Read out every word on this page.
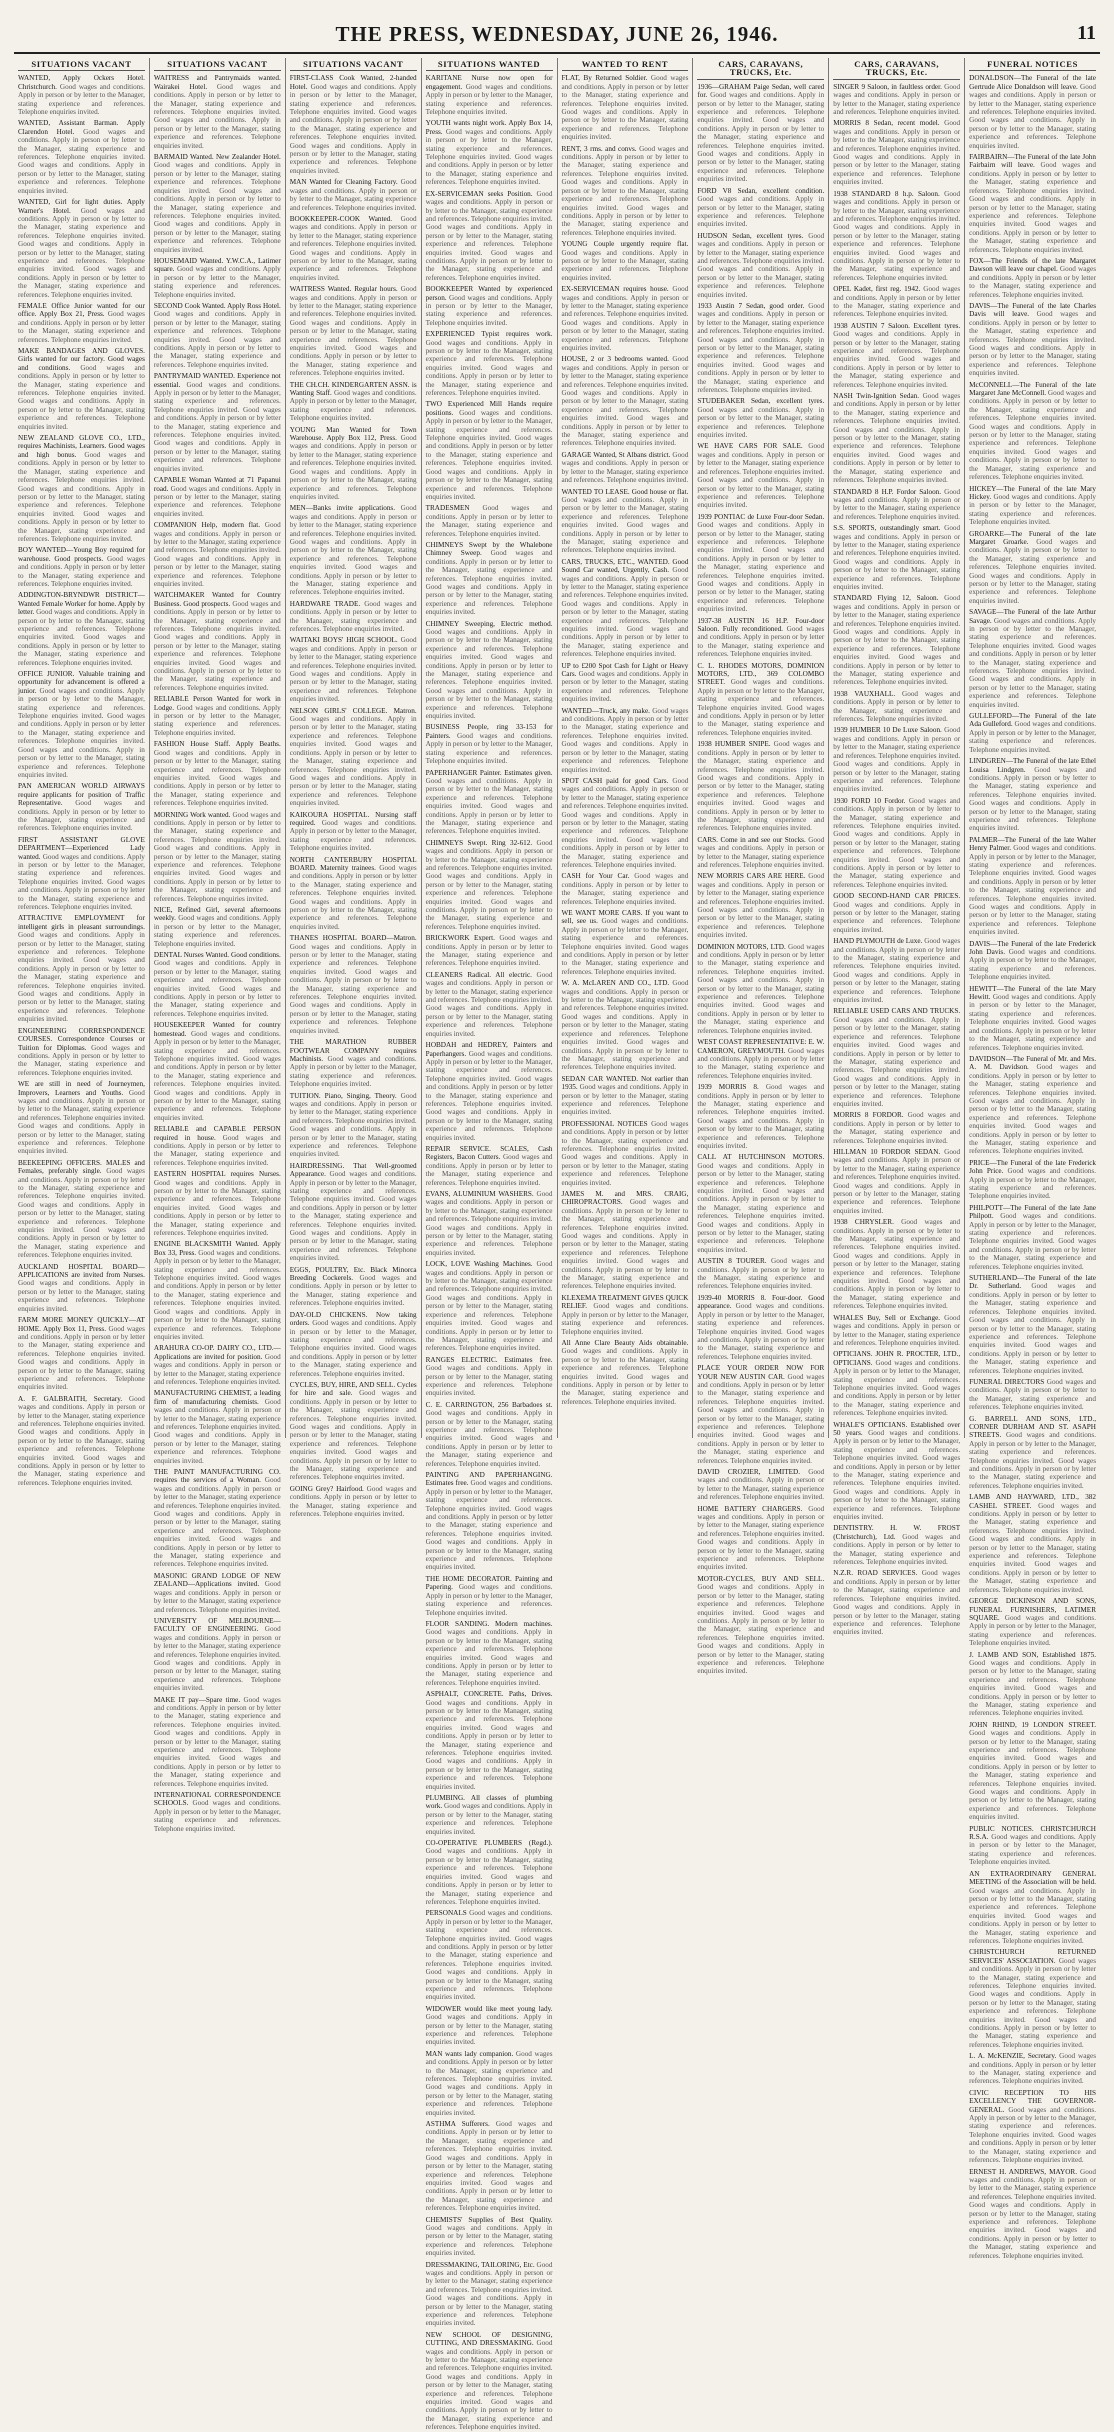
THE PRESS, WEDNESDAY, JUNE 26, 1946.	11
SITUATIONS VACANT

WANTED, Apply Ockers Hotel. Christchurch. Good wages and conditions. Apply in person or by letter to the Manager, stating experience and references. Telephone enquiries invited.

WANTED, Assistant Barman. Apply Clarendon Hotel. Good wages and conditions. Apply in person or by letter to the Manager, stating experience and references. Telephone enquiries invited. Good wages and conditions. Apply in person or by letter to the Manager, stating experience and references. Telephone enquiries invited.

WANTED, Girl for light duties. Apply Warner's Hotel. Good wages and conditions. Apply in person or by letter to the Manager, stating experience and references. Telephone enquiries invited. Good wages and conditions. Apply in person or by letter to the Manager, stating experience and references. Telephone enquiries invited. Good wages and conditions. Apply in person or by letter to the Manager, stating experience and references. Telephone enquiries invited.

FEMALE Office Junior wanted for our office. Apply Box 21, Press. Good wages and conditions. Apply in person or by letter to the Manager, stating experience and references. Telephone enquiries invited.

MAKE BANDAGES AND GLOVES. Girls wanted for our factory. Good wages and conditions. Good wages and conditions. Apply in person or by letter to the Manager, stating experience and references. Telephone enquiries invited. Good wages and conditions. Apply in person or by letter to the Manager, stating experience and references. Telephone enquiries invited.

NEW ZEALAND GLOVE CO., LTD., requires Machinists, Learners. Good wages and high bonus. Good wages and conditions. Apply in person or by letter to the Manager, stating experience and references. Telephone enquiries invited. Good wages and conditions. Apply in person or by letter to the Manager, stating experience and references. Telephone enquiries invited. Good wages and conditions. Apply in person or by letter to the Manager, stating experience and references. Telephone enquiries invited.

BOY WANTED—Young Boy required for warehouse. Good prospects. Good wages and conditions. Apply in person or by letter to the Manager, stating experience and references. Telephone enquiries invited.

ADDINGTON-BRYNDWR DISTRICT— Wanted Female Worker for home. Apply by letter. Good wages and conditions. Apply in person or by letter to the Manager, stating experience and references. Telephone enquiries invited. Good wages and conditions. Apply in person or by letter to the Manager, stating experience and references. Telephone enquiries invited.

OFFICE JUNIOR. Valuable training and opportunity for advancement is offered a junior. Good wages and conditions. Apply in person or by letter to the Manager, stating experience and references. Telephone enquiries invited. Good wages and conditions. Apply in person or by letter to the Manager, stating experience and references. Telephone enquiries invited. Good wages and conditions. Apply in person or by letter to the Manager, stating experience and references. Telephone enquiries invited.

PAN AMERICAN WORLD AIRWAYS require applicants for position of Traffic Representative. Good wages and conditions. Apply in person or by letter to the Manager, stating experience and references. Telephone enquiries invited.

FIRST ASSISTANT GLOVE DEPARTMENT—Experienced Lady wanted. Good wages and conditions. Apply in person or by letter to the Manager, stating experience and references. Telephone enquiries invited. Good wages and conditions. Apply in person or by letter to the Manager, stating experience and references. Telephone enquiries invited.

ATTRACTIVE EMPLOYMENT for intelligent girls in pleasant surroundings. Good wages and conditions. Apply in person or by letter to the Manager, stating experience and references. Telephone enquiries invited. Good wages and conditions. Apply in person or by letter to the Manager, stating experience and references. Telephone enquiries invited. Good wages and conditions. Apply in person or by letter to the Manager, stating experience and references. Telephone enquiries invited.

ENGINEERING CORRESPONDENCE COURSES. Correspondence Courses or Tuition for Diplomas. Good wages and conditions. Apply in person or by letter to the Manager, stating experience and references. Telephone enquiries invited.

WE are still in need of Journeymen, Improvers, Learners and Youths. Good wages and conditions. Apply in person or by letter to the Manager, stating experience and references. Telephone enquiries invited. Good wages and conditions. Apply in person or by letter to the Manager, stating experience and references. Telephone enquiries invited.

BEEKEEPING OFFICERS. MALES and Females, preferably single. Good wages and conditions. Apply in person or by letter to the Manager, stating experience and references. Telephone enquiries invited. Good wages and conditions. Apply in person or by letter to the Manager, stating experience and references. Telephone enquiries invited. Good wages and conditions. Apply in person or by letter to the Manager, stating experience and references. Telephone enquiries invited.

AUCKLAND HOSPITAL BOARD—APPLICATIONS are invited from Nurses. Good wages and conditions. Apply in person or by letter to the Manager, stating experience and references. Telephone enquiries invited.

FARM MORE MONEY QUICKLY—AT HOME. Apply Box 11, Press. Good wages and conditions. Apply in person or by letter to the Manager, stating experience and references. Telephone enquiries invited. Good wages and conditions. Apply in person or by letter to the Manager, stating experience and references. Telephone enquiries invited.

A. F. GALBRAITH, Secretary. Good wages and conditions. Apply in person or by letter to the Manager, stating experience and references. Telephone enquiries invited. Good wages and conditions. Apply in person or by letter to the Manager, stating experience and references. Telephone enquiries invited. Good wages and conditions. Apply in person or by letter to the Manager, stating experience and references. Telephone enquiries invited.

SITUATIONS VACANT

WAITRESS and Pantrymaids wanted. Wairakei Hotel. Good wages and conditions. Apply in person or by letter to the Manager, stating experience and references. Telephone enquiries invited. Good wages and conditions. Apply in person or by letter to the Manager, stating experience and references. Telephone enquiries invited.

BARMAID Wanted. New Zealander Hotel. Good wages and conditions. Apply in person or by letter to the Manager, stating experience and references. Telephone enquiries invited. Good wages and conditions. Apply in person or by letter to the Manager, stating experience and references. Telephone enquiries invited. Good wages and conditions. Apply in person or by letter to the Manager, stating experience and references. Telephone enquiries invited.

HOUSEMAID Wanted. Y.W.C.A., Latimer square. Good wages and conditions. Apply in person or by letter to the Manager, stating experience and references. Telephone enquiries invited.

SECOND Cook Wanted. Apply Ross Hotel. Good wages and conditions. Apply in person or by letter to the Manager, stating experience and references. Telephone enquiries invited. Good wages and conditions. Apply in person or by letter to the Manager, stating experience and references. Telephone enquiries invited.

PANTRYMAID WANTED. Experience not essential. Good wages and conditions. Apply in person or by letter to the Manager, stating experience and references. Telephone enquiries invited. Good wages and conditions. Apply in person or by letter to the Manager, stating experience and references. Telephone enquiries invited. Good wages and conditions. Apply in person or by letter to the Manager, stating experience and references. Telephone enquiries invited.

CAPABLE Woman Wanted at 71 Papanui road. Good wages and conditions. Apply in person or by letter to the Manager, stating experience and references. Telephone enquiries invited.

COMPANION Help, modern flat. Good wages and conditions. Apply in person or by letter to the Manager, stating experience and references. Telephone enquiries invited. Good wages and conditions. Apply in person or by letter to the Manager, stating experience and references. Telephone enquiries invited.

WATCHMAKER Wanted for Country Business. Good prospects. Good wages and conditions. Apply in person or by letter to the Manager, stating experience and references. Telephone enquiries invited. Good wages and conditions. Apply in person or by letter to the Manager, stating experience and references. Telephone enquiries invited. Good wages and conditions. Apply in person or by letter to the Manager, stating experience and references. Telephone enquiries invited.

RELIABLE Person Wanted for work in Lodge. Good wages and conditions. Apply in person or by letter to the Manager, stating experience and references. Telephone enquiries invited.

FASHION House Staff. Apply Beaths. Good wages and conditions. Apply in person or by letter to the Manager, stating experience and references. Telephone enquiries invited. Good wages and conditions. Apply in person or by letter to the Manager, stating experience and references. Telephone enquiries invited.

MORNING Work wanted. Good wages and conditions. Apply in person or by letter to the Manager, stating experience and references. Telephone enquiries invited. Good wages and conditions. Apply in person or by letter to the Manager, stating experience and references. Telephone enquiries invited. Good wages and conditions. Apply in person or by letter to the Manager, stating experience and references. Telephone enquiries invited.

NICE, Refined Girl, several afternoons weekly. Good wages and conditions. Apply in person or by letter to the Manager, stating experience and references. Telephone enquiries invited.

DENTAL Nurses Wanted. Good conditions. Good wages and conditions. Apply in person or by letter to the Manager, stating experience and references. Telephone enquiries invited. Good wages and conditions. Apply in person or by letter to the Manager, stating experience and references. Telephone enquiries invited.

HOUSEKEEPER Wanted for country homestead. Good wages and conditions. Apply in person or by letter to the Manager, stating experience and references. Telephone enquiries invited. Good wages and conditions. Apply in person or by letter to the Manager, stating experience and references. Telephone enquiries invited. Good wages and conditions. Apply in person or by letter to the Manager, stating experience and references. Telephone enquiries invited.

RELIABLE and CAPABLE PERSON required in house. Good wages and conditions. Apply in person or by letter to the Manager, stating experience and references. Telephone enquiries invited.

EASTERN HOSPITAL requires Nurses. Good wages and conditions. Apply in person or by letter to the Manager, stating experience and references. Telephone enquiries invited. Good wages and conditions. Apply in person or by letter to the Manager, stating experience and references. Telephone enquiries invited.

ENGINE BLACKSMITH Wanted. Apply Box 33, Press. Good wages and conditions. Apply in person or by letter to the Manager, stating experience and references. Telephone enquiries invited. Good wages and conditions. Apply in person or by letter to the Manager, stating experience and references. Telephone enquiries invited. Good wages and conditions. Apply in person or by letter to the Manager, stating experience and references. Telephone enquiries invited.

ARAHURA CO-OP. DAIRY CO., LTD.—Applications are invited for position. Good wages and conditions. Apply in person or by letter to the Manager, stating experience and references. Telephone enquiries invited.

MANUFACTURING CHEMIST, a leading firm of manufacturing chemists. Good wages and conditions. Apply in person or by letter to the Manager, stating experience and references. Telephone enquiries invited. Good wages and conditions. Apply in person or by letter to the Manager, stating experience and references. Telephone enquiries invited.

THE PAINT MANUFACTURING CO. requires the services of a Woman. Good wages and conditions. Apply in person or by letter to the Manager, stating experience and references. Telephone enquiries invited. Good wages and conditions. Apply in person or by letter to the Manager, stating experience and references. Telephone enquiries invited. Good wages and conditions. Apply in person or by letter to the Manager, stating experience and references. Telephone enquiries invited.

MASONIC GRAND LODGE OF NEW ZEALAND—Applications invited. Good wages and conditions. Apply in person or by letter to the Manager, stating experience and references. Telephone enquiries invited.

UNIVERSITY OF MELBOURNE—FACULTY OF ENGINEERING. Good wages and conditions. Apply in person or by letter to the Manager, stating experience and references. Telephone enquiries invited. Good wages and conditions. Apply in person or by letter to the Manager, stating experience and references. Telephone enquiries invited.

MAKE IT pay—Spare time. Good wages and conditions. Apply in person or by letter to the Manager, stating experience and references. Telephone enquiries invited. Good wages and conditions. Apply in person or by letter to the Manager, stating experience and references. Telephone enquiries invited. Good wages and conditions. Apply in person or by letter to the Manager, stating experience and references. Telephone enquiries invited.

INTERNATIONAL CORRESPONDENCE SCHOOLS. Good wages and conditions. Apply in person or by letter to the Manager, stating experience and references. Telephone enquiries invited.

SITUATIONS VACANT

FIRST-CLASS Cook Wanted, 2-handed Hotel. Good wages and conditions. Apply in person or by letter to the Manager, stating experience and references. Telephone enquiries invited. Good wages and conditions. Apply in person or by letter to the Manager, stating experience and references. Telephone enquiries invited. Good wages and conditions. Apply in person or by letter to the Manager, stating experience and references. Telephone enquiries invited.

MAN Wanted for Cleaning Factory. Good wages and conditions. Apply in person or by letter to the Manager, stating experience and references. Telephone enquiries invited.

BOOKKEEPER-COOK Wanted. Good wages and conditions. Apply in person or by letter to the Manager, stating experience and references. Telephone enquiries invited. Good wages and conditions. Apply in person or by letter to the Manager, stating experience and references. Telephone enquiries invited.

WAITRESS Wanted. Regular hours. Good wages and conditions. Apply in person or by letter to the Manager, stating experience and references. Telephone enquiries invited. Good wages and conditions. Apply in person or by letter to the Manager, stating experience and references. Telephone enquiries invited. Good wages and conditions. Apply in person or by letter to the Manager, stating experience and references. Telephone enquiries invited.

THE CH.CH. KINDERGARTEN ASSN. is Wanting Staff. Good wages and conditions. Apply in person or by letter to the Manager, stating experience and references. Telephone enquiries invited.

YOUNG Man Wanted for Town Warehouse. Apply Box 112, Press. Good wages and conditions. Apply in person or by letter to the Manager, stating experience and references. Telephone enquiries invited. Good wages and conditions. Apply in person or by letter to the Manager, stating experience and references. Telephone enquiries invited.

MEN—Banks invite applications. Good wages and conditions. Apply in person or by letter to the Manager, stating experience and references. Telephone enquiries invited. Good wages and conditions. Apply in person or by letter to the Manager, stating experience and references. Telephone enquiries invited. Good wages and conditions. Apply in person or by letter to the Manager, stating experience and references. Telephone enquiries invited.

HARDWARE TRADE. Good wages and conditions. Apply in person or by letter to the Manager, stating experience and references. Telephone enquiries invited.

WAITAKI BOYS' HIGH SCHOOL. Good wages and conditions. Apply in person or by letter to the Manager, stating experience and references. Telephone enquiries invited. Good wages and conditions. Apply in person or by letter to the Manager, stating experience and references. Telephone enquiries invited.

NELSON GIRLS' COLLEGE. Matron. Good wages and conditions. Apply in person or by letter to the Manager, stating experience and references. Telephone enquiries invited. Good wages and conditions. Apply in person or by letter to the Manager, stating experience and references. Telephone enquiries invited. Good wages and conditions. Apply in person or by letter to the Manager, stating experience and references. Telephone enquiries invited.

KAIKOURA HOSPITAL. Nursing staff required. Good wages and conditions. Apply in person or by letter to the Manager, stating experience and references. Telephone enquiries invited.

NORTH CANTERBURY HOSPITAL BOARD. Maternity trainees. Good wages and conditions. Apply in person or by letter to the Manager, stating experience and references. Telephone enquiries invited. Good wages and conditions. Apply in person or by letter to the Manager, stating experience and references. Telephone enquiries invited.

THANES HOSPITAL BOARD—Matron. Good wages and conditions. Apply in person or by letter to the Manager, stating experience and references. Telephone enquiries invited. Good wages and conditions. Apply in person or by letter to the Manager, stating experience and references. Telephone enquiries invited. Good wages and conditions. Apply in person or by letter to the Manager, stating experience and references. Telephone enquiries invited.

THE MARATHON RUBBER FOOTWEAR COMPANY requires Machinists. Good wages and conditions. Apply in person or by letter to the Manager, stating experience and references. Telephone enquiries invited.

TUITION. Piano, Singing, Theory. Good wages and conditions. Apply in person or by letter to the Manager, stating experience and references. Telephone enquiries invited. Good wages and conditions. Apply in person or by letter to the Manager, stating experience and references. Telephone enquiries invited.

HAIRDRESSING. That Well-groomed Appearance. Good wages and conditions. Apply in person or by letter to the Manager, stating experience and references. Telephone enquiries invited. Good wages and conditions. Apply in person or by letter to the Manager, stating experience and references. Telephone enquiries invited. Good wages and conditions. Apply in person or by letter to the Manager, stating experience and references. Telephone enquiries invited.

EGGS, POULTRY, Etc. Black Minorca Breeding Cockerels. Good wages and conditions. Apply in person or by letter to the Manager, stating experience and references. Telephone enquiries invited.

DAY-OLD CHICKENS. Now taking orders. Good wages and conditions. Apply in person or by letter to the Manager, stating experience and references. Telephone enquiries invited. Good wages and conditions. Apply in person or by letter to the Manager, stating experience and references. Telephone enquiries invited.

CYCLES, BUY, HIRE, AND SELL. Cycles for hire and sale. Good wages and conditions. Apply in person or by letter to the Manager, stating experience and references. Telephone enquiries invited. Good wages and conditions. Apply in person or by letter to the Manager, stating experience and references. Telephone enquiries invited. Good wages and conditions. Apply in person or by letter to the Manager, stating experience and references. Telephone enquiries invited.

GOING Grey? Hairfood. Good wages and conditions. Apply in person or by letter to the Manager, stating experience and references. Telephone enquiries invited.

SITUATIONS WANTED

KARITANE Nurse now open for engagement. Good wages and conditions. Apply in person or by letter to the Manager, stating experience and references. Telephone enquiries invited.

YOUTH wants night work. Apply Box 14, Press. Good wages and conditions. Apply in person or by letter to the Manager, stating experience and references. Telephone enquiries invited. Good wages and conditions. Apply in person or by letter to the Manager, stating experience and references. Telephone enquiries invited.

EX-SERVICEMAN seeks Position. Good wages and conditions. Apply in person or by letter to the Manager, stating experience and references. Telephone enquiries invited. Good wages and conditions. Apply in person or by letter to the Manager, stating experience and references. Telephone enquiries invited. Good wages and conditions. Apply in person or by letter to the Manager, stating experience and references. Telephone enquiries invited.

BOOKKEEPER Wanted by experienced person. Good wages and conditions. Apply in person or by letter to the Manager, stating experience and references. Telephone enquiries invited.

EXPERIENCED Typist requires work. Good wages and conditions. Apply in person or by letter to the Manager, stating experience and references. Telephone enquiries invited. Good wages and conditions. Apply in person or by letter to the Manager, stating experience and references. Telephone enquiries invited.

TWO Experienced Mill Hands require positions. Good wages and conditions. Apply in person or by letter to the Manager, stating experience and references. Telephone enquiries invited. Good wages and conditions. Apply in person or by letter to the Manager, stating experience and references. Telephone enquiries invited. Good wages and conditions. Apply in person or by letter to the Manager, stating experience and references. Telephone enquiries invited.

TRADESMEN Good wages and conditions. Apply in person or by letter to the Manager, stating experience and references. Telephone enquiries invited.

CHIMNEYS Swept by the Whalebone Chimney Sweep. Good wages and conditions. Apply in person or by letter to the Manager, stating experience and references. Telephone enquiries invited. Good wages and conditions. Apply in person or by letter to the Manager, stating experience and references. Telephone enquiries invited.

CHIMNEY Sweeping, Electric method. Good wages and conditions. Apply in person or by letter to the Manager, stating experience and references. Telephone enquiries invited. Good wages and conditions. Apply in person or by letter to the Manager, stating experience and references. Telephone enquiries invited. Good wages and conditions. Apply in person or by letter to the Manager, stating experience and references. Telephone enquiries invited.

BUSINESS People, ring 33-153 for Painters. Good wages and conditions. Apply in person or by letter to the Manager, stating experience and references. Telephone enquiries invited.

PAPERHANGER Painter. Estimates given. Good wages and conditions. Apply in person or by letter to the Manager, stating experience and references. Telephone enquiries invited. Good wages and conditions. Apply in person or by letter to the Manager, stating experience and references. Telephone enquiries invited.

CHIMNEYS Swept. Ring 32-612. Good wages and conditions. Apply in person or by letter to the Manager, stating experience and references. Telephone enquiries invited. Good wages and conditions. Apply in person or by letter to the Manager, stating experience and references. Telephone enquiries invited. Good wages and conditions. Apply in person or by letter to the Manager, stating experience and references. Telephone enquiries invited.

BRICKWORK Expert. Good wages and conditions. Apply in person or by letter to the Manager, stating experience and references. Telephone enquiries invited.

CLEANERS Radical. All electric. Good wages and conditions. Apply in person or by letter to the Manager, stating experience and references. Telephone enquiries invited. Good wages and conditions. Apply in person or by letter to the Manager, stating experience and references. Telephone enquiries invited.

HOBDAH and HEDREY, Painters and Paperhangers. Good wages and conditions. Apply in person or by letter to the Manager, stating experience and references. Telephone enquiries invited. Good wages and conditions. Apply in person or by letter to the Manager, stating experience and references. Telephone enquiries invited. Good wages and conditions. Apply in person or by letter to the Manager, stating experience and references. Telephone enquiries invited.

REPAIR SERVICE. SCALES, Cash Registers, Bacon Cutters. Good wages and conditions. Apply in person or by letter to the Manager, stating experience and references. Telephone enquiries invited.

EVANS, ALUMINIUM WASHERS. Good wages and conditions. Apply in person or by letter to the Manager, stating experience and references. Telephone enquiries invited. Good wages and conditions. Apply in person or by letter to the Manager, stating experience and references. Telephone enquiries invited.

LOCK, LOVE Washing Machines. Good wages and conditions. Apply in person or by letter to the Manager, stating experience and references. Telephone enquiries invited. Good wages and conditions. Apply in person or by letter to the Manager, stating experience and references. Telephone enquiries invited. Good wages and conditions. Apply in person or by letter to the Manager, stating experience and references. Telephone enquiries invited.

RANGES ELECTRIC. Estimates free. Good wages and conditions. Apply in person or by letter to the Manager, stating experience and references. Telephone enquiries invited.

C. E. CARRINGTON, 256 Barbadoes st. Good wages and conditions. Apply in person or by letter to the Manager, stating experience and references. Telephone enquiries invited. Good wages and conditions. Apply in person or by letter to the Manager, stating experience and references. Telephone enquiries invited.

PAINTING AND PAPERHANGING. Estimates free. Good wages and conditions. Apply in person or by letter to the Manager, stating experience and references. Telephone enquiries invited. Good wages and conditions. Apply in person or by letter to the Manager, stating experience and references. Telephone enquiries invited. Good wages and conditions. Apply in person or by letter to the Manager, stating experience and references. Telephone enquiries invited.

THE HOME DECORATOR. Painting and Papering. Good wages and conditions. Apply in person or by letter to the Manager, stating experience and references. Telephone enquiries invited.

FLOOR SANDING. Modern machines. Good wages and conditions. Apply in person or by letter to the Manager, stating experience and references. Telephone enquiries invited. Good wages and conditions. Apply in person or by letter to the Manager, stating experience and references. Telephone enquiries invited.

ASPHALT, CONCRETE. Paths, Drives. Good wages and conditions. Apply in person or by letter to the Manager, stating experience and references. Telephone enquiries invited. Good wages and conditions. Apply in person or by letter to the Manager, stating experience and references. Telephone enquiries invited. Good wages and conditions. Apply in person or by letter to the Manager, stating experience and references. Telephone enquiries invited.

PLUMBING. All classes of plumbing work. Good wages and conditions. Apply in person or by letter to the Manager, stating experience and references. Telephone enquiries invited.

CO-OPERATIVE PLUMBERS (Regd.). Good wages and conditions. Apply in person or by letter to the Manager, stating experience and references. Telephone enquiries invited. Good wages and conditions. Apply in person or by letter to the Manager, stating experience and references. Telephone enquiries invited.

PERSONALS Good wages and conditions. Apply in person or by letter to the Manager, stating experience and references. Telephone enquiries invited. Good wages and conditions. Apply in person or by letter to the Manager, stating experience and references. Telephone enquiries invited. Good wages and conditions. Apply in person or by letter to the Manager, stating experience and references. Telephone enquiries invited.

WIDOWER would like meet young lady. Good wages and conditions. Apply in person or by letter to the Manager, stating experience and references. Telephone enquiries invited.

MAN wants lady companion. Good wages and conditions. Apply in person or by letter to the Manager, stating experience and references. Telephone enquiries invited. Good wages and conditions. Apply in person or by letter to the Manager, stating experience and references. Telephone enquiries invited.

ASTHMA Sufferers. Good wages and conditions. Apply in person or by letter to the Manager, stating experience and references. Telephone enquiries invited. Good wages and conditions. Apply in person or by letter to the Manager, stating experience and references. Telephone enquiries invited. Good wages and conditions. Apply in person or by letter to the Manager, stating experience and references. Telephone enquiries invited.

CHEMISTS' Supplies of Best Quality. Good wages and conditions. Apply in person or by letter to the Manager, stating experience and references. Telephone enquiries invited.

DRESSMAKING, TAILORING, Etc. Good wages and conditions. Apply in person or by letter to the Manager, stating experience and references. Telephone enquiries invited. Good wages and conditions. Apply in person or by letter to the Manager, stating experience and references. Telephone enquiries invited.

NEW SCHOOL OF DESIGNING, CUTTING, AND DRESSMAKING. Good wages and conditions. Apply in person or by letter to the Manager, stating experience and references. Telephone enquiries invited. Good wages and conditions. Apply in person or by letter to the Manager, stating experience and references. Telephone enquiries invited. Good wages and conditions. Apply in person or by letter to the Manager, stating experience and references. Telephone enquiries invited.

WANTED TO RENT

FLAT, By Returned Soldier. Good wages and conditions. Apply in person or by letter to the Manager, stating experience and references. Telephone enquiries invited. Good wages and conditions. Apply in person or by letter to the Manager, stating experience and references. Telephone enquiries invited.

RENT, 3 rms. and convs. Good wages and conditions. Apply in person or by letter to the Manager, stating experience and references. Telephone enquiries invited. Good wages and conditions. Apply in person or by letter to the Manager, stating experience and references. Telephone enquiries invited. Good wages and conditions. Apply in person or by letter to the Manager, stating experience and references. Telephone enquiries invited.

YOUNG Couple urgently require flat. Good wages and conditions. Apply in person or by letter to the Manager, stating experience and references. Telephone enquiries invited.

EX-SERVICEMAN requires house. Good wages and conditions. Apply in person or by letter to the Manager, stating experience and references. Telephone enquiries invited. Good wages and conditions. Apply in person or by letter to the Manager, stating experience and references. Telephone enquiries invited.

HOUSE, 2 or 3 bedrooms wanted. Good wages and conditions. Apply in person or by letter to the Manager, stating experience and references. Telephone enquiries invited. Good wages and conditions. Apply in person or by letter to the Manager, stating experience and references. Telephone enquiries invited. Good wages and conditions. Apply in person or by letter to the Manager, stating experience and references. Telephone enquiries invited.

GARAGE Wanted, St Albans district. Good wages and conditions. Apply in person or by letter to the Manager, stating experience and references. Telephone enquiries invited.

WANTED TO LEASE. Good house or flat. Good wages and conditions. Apply in person or by letter to the Manager, stating experience and references. Telephone enquiries invited. Good wages and conditions. Apply in person or by letter to the Manager, stating experience and references. Telephone enquiries invited.

CARS, TRUCKS, ETC., WANTED. Good Sound Car wanted, Urgently, Cash. Good wages and conditions. Apply in person or by letter to the Manager, stating experience and references. Telephone enquiries invited. Good wages and conditions. Apply in person or by letter to the Manager, stating experience and references. Telephone enquiries invited. Good wages and conditions. Apply in person or by letter to the Manager, stating experience and references. Telephone enquiries invited.

UP to £200 Spot Cash for Light or Heavy Cars. Good wages and conditions. Apply in person or by letter to the Manager, stating experience and references. Telephone enquiries invited.

WANTED—Truck, any make. Good wages and conditions. Apply in person or by letter to the Manager, stating experience and references. Telephone enquiries invited. Good wages and conditions. Apply in person or by letter to the Manager, stating experience and references. Telephone enquiries invited.

SPOT CASH paid for good Cars. Good wages and conditions. Apply in person or by letter to the Manager, stating experience and references. Telephone enquiries invited. Good wages and conditions. Apply in person or by letter to the Manager, stating experience and references. Telephone enquiries invited. Good wages and conditions. Apply in person or by letter to the Manager, stating experience and references. Telephone enquiries invited.

CASH for Your Car. Good wages and conditions. Apply in person or by letter to the Manager, stating experience and references. Telephone enquiries invited.

WE WANT MORE CARS. If you want to sell, see us. Good wages and conditions. Apply in person or by letter to the Manager, stating experience and references. Telephone enquiries invited. Good wages and conditions. Apply in person or by letter to the Manager, stating experience and references. Telephone enquiries invited.

W. A. McLAREN AND CO., LTD. Good wages and conditions. Apply in person or by letter to the Manager, stating experience and references. Telephone enquiries invited. Good wages and conditions. Apply in person or by letter to the Manager, stating experience and references. Telephone enquiries invited. Good wages and conditions. Apply in person or by letter to the Manager, stating experience and references. Telephone enquiries invited.

SEDAN CAR WANTED. Not earlier than 1935. Good wages and conditions. Apply in person or by letter to the Manager, stating experience and references. Telephone enquiries invited.

PROFESSIONAL NOTICES Good wages and conditions. Apply in person or by letter to the Manager, stating experience and references. Telephone enquiries invited. Good wages and conditions. Apply in person or by letter to the Manager, stating experience and references. Telephone enquiries invited.

JAMES M. and MRS. CRAIG, CHIROPRACTORS. Good wages and conditions. Apply in person or by letter to the Manager, stating experience and references. Telephone enquiries invited. Good wages and conditions. Apply in person or by letter to the Manager, stating experience and references. Telephone enquiries invited. Good wages and conditions. Apply in person or by letter to the Manager, stating experience and references. Telephone enquiries invited.

KLEXEMA TREATMENT GIVES QUICK RELIEF. Good wages and conditions. Apply in person or by letter to the Manager, stating experience and references. Telephone enquiries invited.

All Anne Clare Beauty Aids obtainable. Good wages and conditions. Apply in person or by letter to the Manager, stating experience and references. Telephone enquiries invited. Good wages and conditions. Apply in person or by letter to the Manager, stating experience and references. Telephone enquiries invited.

CARS, CARAVANS, TRUCKS, Etc.

1936—GRAHAM Paige Sedan, well cared for. Good wages and conditions. Apply in person or by letter to the Manager, stating experience and references. Telephone enquiries invited. Good wages and conditions. Apply in person or by letter to the Manager, stating experience and references. Telephone enquiries invited. Good wages and conditions. Apply in person or by letter to the Manager, stating experience and references. Telephone enquiries invited.

FORD V8 Sedan, excellent condition. Good wages and conditions. Apply in person or by letter to the Manager, stating experience and references. Telephone enquiries invited.

HUDSON Sedan, excellent tyres. Good wages and conditions. Apply in person or by letter to the Manager, stating experience and references. Telephone enquiries invited. Good wages and conditions. Apply in person or by letter to the Manager, stating experience and references. Telephone enquiries invited.

1933 Austin 7 Sedan, good order. Good wages and conditions. Apply in person or by letter to the Manager, stating experience and references. Telephone enquiries invited. Good wages and conditions. Apply in person or by letter to the Manager, stating experience and references. Telephone enquiries invited. Good wages and conditions. Apply in person or by letter to the Manager, stating experience and references. Telephone enquiries invited.

STUDEBAKER Sedan, excellent tyres. Good wages and conditions. Apply in person or by letter to the Manager, stating experience and references. Telephone enquiries invited.

WE HAVE CARS FOR SALE. Good wages and conditions. Apply in person or by letter to the Manager, stating experience and references. Telephone enquiries invited. Good wages and conditions. Apply in person or by letter to the Manager, stating experience and references. Telephone enquiries invited.

1939 PONTIAC de Luxe Four-door Sedan. Good wages and conditions. Apply in person or by letter to the Manager, stating experience and references. Telephone enquiries invited. Good wages and conditions. Apply in person or by letter to the Manager, stating experience and references. Telephone enquiries invited. Good wages and conditions. Apply in person or by letter to the Manager, stating experience and references. Telephone enquiries invited.

1937-38 AUSTIN 16 H.P. Four-door Saloon. Fully reconditioned. Good wages and conditions. Apply in person or by letter to the Manager, stating experience and references. Telephone enquiries invited.

C. L. RHODES MOTORS, DOMINION MOTORS, LTD., 369 COLOMBO STREET. Good wages and conditions. Apply in person or by letter to the Manager, stating experience and references. Telephone enquiries invited. Good wages and conditions. Apply in person or by letter to the Manager, stating experience and references. Telephone enquiries invited.

1938 HUMBER SNIPE. Good wages and conditions. Apply in person or by letter to the Manager, stating experience and references. Telephone enquiries invited. Good wages and conditions. Apply in person or by letter to the Manager, stating experience and references. Telephone enquiries invited. Good wages and conditions. Apply in person or by letter to the Manager, stating experience and references. Telephone enquiries invited.

CARS. Come in and see our Stocks. Good wages and conditions. Apply in person or by letter to the Manager, stating experience and references. Telephone enquiries invited.

NEW MORRIS CARS ARE HERE. Good wages and conditions. Apply in person or by letter to the Manager, stating experience and references. Telephone enquiries invited. Good wages and conditions. Apply in person or by letter to the Manager, stating experience and references. Telephone enquiries invited.

DOMINION MOTORS, LTD. Good wages and conditions. Apply in person or by letter to the Manager, stating experience and references. Telephone enquiries invited. Good wages and conditions. Apply in person or by letter to the Manager, stating experience and references. Telephone enquiries invited. Good wages and conditions. Apply in person or by letter to the Manager, stating experience and references. Telephone enquiries invited.

WEST COAST REPRESENTATIVE: E. W. CAMERON, GREYMOUTH. Good wages and conditions. Apply in person or by letter to the Manager, stating experience and references. Telephone enquiries invited.

1939 MORRIS 8. Good wages and conditions. Apply in person or by letter to the Manager, stating experience and references. Telephone enquiries invited. Good wages and conditions. Apply in person or by letter to the Manager, stating experience and references. Telephone enquiries invited.

CALL AT HUTCHINSON MOTORS. Good wages and conditions. Apply in person or by letter to the Manager, stating experience and references. Telephone enquiries invited. Good wages and conditions. Apply in person or by letter to the Manager, stating experience and references. Telephone enquiries invited. Good wages and conditions. Apply in person or by letter to the Manager, stating experience and references. Telephone enquiries invited.

AUSTIN 8 TOURER. Good wages and conditions. Apply in person or by letter to the Manager, stating experience and references. Telephone enquiries invited.

1939-40 MORRIS 8. Four-door. Good appearance. Good wages and conditions. Apply in person or by letter to the Manager, stating experience and references. Telephone enquiries invited. Good wages and conditions. Apply in person or by letter to the Manager, stating experience and references. Telephone enquiries invited.

PLACE YOUR ORDER NOW FOR YOUR NEW AUSTIN CAR. Good wages and conditions. Apply in person or by letter to the Manager, stating experience and references. Telephone enquiries invited. Good wages and conditions. Apply in person or by letter to the Manager, stating experience and references. Telephone enquiries invited. Good wages and conditions. Apply in person or by letter to the Manager, stating experience and references. Telephone enquiries invited.

DAVID CROZIER, LIMITED. Good wages and conditions. Apply in person or by letter to the Manager, stating experience and references. Telephone enquiries invited.

HOME BATTERY CHARGERS. Good wages and conditions. Apply in person or by letter to the Manager, stating experience and references. Telephone enquiries invited. Good wages and conditions. Apply in person or by letter to the Manager, stating experience and references. Telephone enquiries invited.

MOTOR-CYCLES, BUY AND SELL. Good wages and conditions. Apply in person or by letter to the Manager, stating experience and references. Telephone enquiries invited. Good wages and conditions. Apply in person or by letter to the Manager, stating experience and references. Telephone enquiries invited. Good wages and conditions. Apply in person or by letter to the Manager, stating experience and references. Telephone enquiries invited.

CARS, CARAVANS, TRUCKS, Etc.

SINGER 9 Saloon, in faultless order. Good wages and conditions. Apply in person or by letter to the Manager, stating experience and references. Telephone enquiries invited.

MORRIS 8 Sedan, recent model. Good wages and conditions. Apply in person or by letter to the Manager, stating experience and references. Telephone enquiries invited. Good wages and conditions. Apply in person or by letter to the Manager, stating experience and references. Telephone enquiries invited.

1938 STANDARD 8 h.p. Saloon. Good wages and conditions. Apply in person or by letter to the Manager, stating experience and references. Telephone enquiries invited. Good wages and conditions. Apply in person or by letter to the Manager, stating experience and references. Telephone enquiries invited. Good wages and conditions. Apply in person or by letter to the Manager, stating experience and references. Telephone enquiries invited.

OPEL Kadet, first reg. 1942. Good wages and conditions. Apply in person or by letter to the Manager, stating experience and references. Telephone enquiries invited.

1938 AUSTIN 7 Saloon. Excellent tyres. Good wages and conditions. Apply in person or by letter to the Manager, stating experience and references. Telephone enquiries invited. Good wages and conditions. Apply in person or by letter to the Manager, stating experience and references. Telephone enquiries invited.

NASH Twin-Ignition Sedan. Good wages and conditions. Apply in person or by letter to the Manager, stating experience and references. Telephone enquiries invited. Good wages and conditions. Apply in person or by letter to the Manager, stating experience and references. Telephone enquiries invited. Good wages and conditions. Apply in person or by letter to the Manager, stating experience and references. Telephone enquiries invited.

STANDARD 8 H.P. Fordor Saloon. Good wages and conditions. Apply in person or by letter to the Manager, stating experience and references. Telephone enquiries invited.

S.S. SPORTS, outstandingly smart. Good wages and conditions. Apply in person or by letter to the Manager, stating experience and references. Telephone enquiries invited. Good wages and conditions. Apply in person or by letter to the Manager, stating experience and references. Telephone enquiries invited.

STANDARD Flying 12, Saloon. Good wages and conditions. Apply in person or by letter to the Manager, stating experience and references. Telephone enquiries invited. Good wages and conditions. Apply in person or by letter to the Manager, stating experience and references. Telephone enquiries invited. Good wages and conditions. Apply in person or by letter to the Manager, stating experience and references. Telephone enquiries invited.

1938 VAUXHALL. Good wages and conditions. Apply in person or by letter to the Manager, stating experience and references. Telephone enquiries invited.

1939 HUMBER 10 De Luxe Saloon. Good wages and conditions. Apply in person or by letter to the Manager, stating experience and references. Telephone enquiries invited. Good wages and conditions. Apply in person or by letter to the Manager, stating experience and references. Telephone enquiries invited.

1930 FORD 10 Fordor. Good wages and conditions. Apply in person or by letter to the Manager, stating experience and references. Telephone enquiries invited. Good wages and conditions. Apply in person or by letter to the Manager, stating experience and references. Telephone enquiries invited. Good wages and conditions. Apply in person or by letter to the Manager, stating experience and references. Telephone enquiries invited.

GOOD SECOND-HAND CAR PRICES. Good wages and conditions. Apply in person or by letter to the Manager, stating experience and references. Telephone enquiries invited.

HAND PLYMOUTH de Luxe. Good wages and conditions. Apply in person or by letter to the Manager, stating experience and references. Telephone enquiries invited. Good wages and conditions. Apply in person or by letter to the Manager, stating experience and references. Telephone enquiries invited.

RELIABLE USED CARS AND TRUCKS. Good wages and conditions. Apply in person or by letter to the Manager, stating experience and references. Telephone enquiries invited. Good wages and conditions. Apply in person or by letter to the Manager, stating experience and references. Telephone enquiries invited. Good wages and conditions. Apply in person or by letter to the Manager, stating experience and references. Telephone enquiries invited.

MORRIS 8 FORDOR. Good wages and conditions. Apply in person or by letter to the Manager, stating experience and references. Telephone enquiries invited.

HILLMAN 10 FORDOR SEDAN. Good wages and conditions. Apply in person or by letter to the Manager, stating experience and references. Telephone enquiries invited. Good wages and conditions. Apply in person or by letter to the Manager, stating experience and references. Telephone enquiries invited.

1938 CHRYSLER. Good wages and conditions. Apply in person or by letter to the Manager, stating experience and references. Telephone enquiries invited. Good wages and conditions. Apply in person or by letter to the Manager, stating experience and references. Telephone enquiries invited. Good wages and conditions. Apply in person or by letter to the Manager, stating experience and references. Telephone enquiries invited.

WHALES Buy, Sell or Exchange. Good wages and conditions. Apply in person or by letter to the Manager, stating experience and references. Telephone enquiries invited.

OPTICIANS. JOHN R. PROCTER, LTD., OPTICIANS. Good wages and conditions. Apply in person or by letter to the Manager, stating experience and references. Telephone enquiries invited. Good wages and conditions. Apply in person or by letter to the Manager, stating experience and references. Telephone enquiries invited.

WHALE'S OPTICIANS. Established over 50 years. Good wages and conditions. Apply in person or by letter to the Manager, stating experience and references. Telephone enquiries invited. Good wages and conditions. Apply in person or by letter to the Manager, stating experience and references. Telephone enquiries invited. Good wages and conditions. Apply in person or by letter to the Manager, stating experience and references. Telephone enquiries invited.

DENTISTRY. H. W. FROST (Christchurch), Ltd. Good wages and conditions. Apply in person or by letter to the Manager, stating experience and references. Telephone enquiries invited.

N.Z.R. ROAD SERVICES. Good wages and conditions. Apply in person or by letter to the Manager, stating experience and references. Telephone enquiries invited. Good wages and conditions. Apply in person or by letter to the Manager, stating experience and references. Telephone enquiries invited.

FUNERAL NOTICES

DONALDSON—The Funeral of the late Gertrude Alice Donaldson will leave. Good wages and conditions. Apply in person or by letter to the Manager, stating experience and references. Telephone enquiries invited. Good wages and conditions. Apply in person or by letter to the Manager, stating experience and references. Telephone enquiries invited.

FAIRBAIRN—The Funeral of the late John Fairbairn will leave. Good wages and conditions. Apply in person or by letter to the Manager, stating experience and references. Telephone enquiries invited. Good wages and conditions. Apply in person or by letter to the Manager, stating experience and references. Telephone enquiries invited. Good wages and conditions. Apply in person or by letter to the Manager, stating experience and references. Telephone enquiries invited.

FOX—The Friends of the late Margaret Dawson will leave our chapel. Good wages and conditions. Apply in person or by letter to the Manager, stating experience and references. Telephone enquiries invited.

DAVIS—The Funeral of the late Charles Davis will leave. Good wages and conditions. Apply in person or by letter to the Manager, stating experience and references. Telephone enquiries invited. Good wages and conditions. Apply in person or by letter to the Manager, stating experience and references. Telephone enquiries invited.

McCONNELL—The Funeral of the late Margaret Jane McConnell. Good wages and conditions. Apply in person or by letter to the Manager, stating experience and references. Telephone enquiries invited. Good wages and conditions. Apply in person or by letter to the Manager, stating experience and references. Telephone enquiries invited. Good wages and conditions. Apply in person or by letter to the Manager, stating experience and references. Telephone enquiries invited.

HICKEY—The Funeral of the late Mary Hickey. Good wages and conditions. Apply in person or by letter to the Manager, stating experience and references. Telephone enquiries invited.

GROARKE—The Funeral of the late Margaret Groarke. Good wages and conditions. Apply in person or by letter to the Manager, stating experience and references. Telephone enquiries invited. Good wages and conditions. Apply in person or by letter to the Manager, stating experience and references. Telephone enquiries invited.

SAVAGE—The Funeral of the late Arthur Savage. Good wages and conditions. Apply in person or by letter to the Manager, stating experience and references. Telephone enquiries invited. Good wages and conditions. Apply in person or by letter to the Manager, stating experience and references. Telephone enquiries invited. Good wages and conditions. Apply in person or by letter to the Manager, stating experience and references. Telephone enquiries invited.

GULLEFORD—The Funeral of the late Ada Gulleford. Good wages and conditions. Apply in person or by letter to the Manager, stating experience and references. Telephone enquiries invited.

LINDGREN—The Funeral of the late Ethel Louisa Lindgren. Good wages and conditions. Apply in person or by letter to the Manager, stating experience and references. Telephone enquiries invited. Good wages and conditions. Apply in person or by letter to the Manager, stating experience and references. Telephone enquiries invited.

PALMER—The Funeral of the late Walter Henry Palmer. Good wages and conditions. Apply in person or by letter to the Manager, stating experience and references. Telephone enquiries invited. Good wages and conditions. Apply in person or by letter to the Manager, stating experience and references. Telephone enquiries invited. Good wages and conditions. Apply in person or by letter to the Manager, stating experience and references. Telephone enquiries invited.

DAVIS—The Funeral of the late Frederick John Davis. Good wages and conditions. Apply in person or by letter to the Manager, stating experience and references. Telephone enquiries invited.

HEWITT—The Funeral of the late Mary Hewitt. Good wages and conditions. Apply in person or by letter to the Manager, stating experience and references. Telephone enquiries invited. Good wages and conditions. Apply in person or by letter to the Manager, stating experience and references. Telephone enquiries invited.

DAVIDSON—The Funeral of Mr. and Mrs. A. M. Davidson. Good wages and conditions. Apply in person or by letter to the Manager, stating experience and references. Telephone enquiries invited. Good wages and conditions. Apply in person or by letter to the Manager, stating experience and references. Telephone enquiries invited. Good wages and conditions. Apply in person or by letter to the Manager, stating experience and references. Telephone enquiries invited.

PRICE—The Funeral of the late Frederick John Price. Good wages and conditions. Apply in person or by letter to the Manager, stating experience and references. Telephone enquiries invited.

PHILPOTT—The Funeral of the late Jane Philpott. Good wages and conditions. Apply in person or by letter to the Manager, stating experience and references. Telephone enquiries invited. Good wages and conditions. Apply in person or by letter to the Manager, stating experience and references. Telephone enquiries invited.

SUTHERLAND—The Funeral of the late Dr. Sutherland. Good wages and conditions. Apply in person or by letter to the Manager, stating experience and references. Telephone enquiries invited. Good wages and conditions. Apply in person or by letter to the Manager, stating experience and references. Telephone enquiries invited. Good wages and conditions. Apply in person or by letter to the Manager, stating experience and references. Telephone enquiries invited.

FUNERAL DIRECTORS Good wages and conditions. Apply in person or by letter to the Manager, stating experience and references. Telephone enquiries invited.

G. BARRELL AND SONS, LTD., CORNER DURHAM AND ST. ASAPH STREETS. Good wages and conditions. Apply in person or by letter to the Manager, stating experience and references. Telephone enquiries invited. Good wages and conditions. Apply in person or by letter to the Manager, stating experience and references. Telephone enquiries invited.

LAMB AND HAYWARD, LTD., 382 CASHEL STREET. Good wages and conditions. Apply in person or by letter to the Manager, stating experience and references. Telephone enquiries invited. Good wages and conditions. Apply in person or by letter to the Manager, stating experience and references. Telephone enquiries invited. Good wages and conditions. Apply in person or by letter to the Manager, stating experience and references. Telephone enquiries invited.

GEORGE DICKINSON AND SONS, FUNERAL FURNISHERS, LATIMER SQUARE. Good wages and conditions. Apply in person or by letter to the Manager, stating experience and references. Telephone enquiries invited.

J. LAMB AND SON, Established 1875. Good wages and conditions. Apply in person or by letter to the Manager, stating experience and references. Telephone enquiries invited. Good wages and conditions. Apply in person or by letter to the Manager, stating experience and references. Telephone enquiries invited.

JOHN RHIND, 19 LONDON STREET. Good wages and conditions. Apply in person or by letter to the Manager, stating experience and references. Telephone enquiries invited. Good wages and conditions. Apply in person or by letter to the Manager, stating experience and references. Telephone enquiries invited. Good wages and conditions. Apply in person or by letter to the Manager, stating experience and references. Telephone enquiries invited.

PUBLIC NOTICES. CHRISTCHURCH R.S.A. Good wages and conditions. Apply in person or by letter to the Manager, stating experience and references. Telephone enquiries invited.

AN EXTRAORDINARY GENERAL MEETING of the Association will be held. Good wages and conditions. Apply in person or by letter to the Manager, stating experience and references. Telephone enquiries invited. Good wages and conditions. Apply in person or by letter to the Manager, stating experience and references. Telephone enquiries invited.

CHRISTCHURCH RETURNED SERVICES' ASSOCIATION. Good wages and conditions. Apply in person or by letter to the Manager, stating experience and references. Telephone enquiries invited. Good wages and conditions. Apply in person or by letter to the Manager, stating experience and references. Telephone enquiries invited. Good wages and conditions. Apply in person or by letter to the Manager, stating experience and references. Telephone enquiries invited.

L. A. McKENZIE, Secretary. Good wages and conditions. Apply in person or by letter to the Manager, stating experience and references. Telephone enquiries invited.

CIVIC RECEPTION TO HIS EXCELLENCY THE GOVERNOR-GENERAL. Good wages and conditions. Apply in person or by letter to the Manager, stating experience and references. Telephone enquiries invited. Good wages and conditions. Apply in person or by letter to the Manager, stating experience and references. Telephone enquiries invited.

ERNEST H. ANDREWS, MAYOR. Good wages and conditions. Apply in person or by letter to the Manager, stating experience and references. Telephone enquiries invited. Good wages and conditions. Apply in person or by letter to the Manager, stating experience and references. Telephone enquiries invited. Good wages and conditions. Apply in person or by letter to the Manager, stating experience and references. Telephone enquiries invited.
